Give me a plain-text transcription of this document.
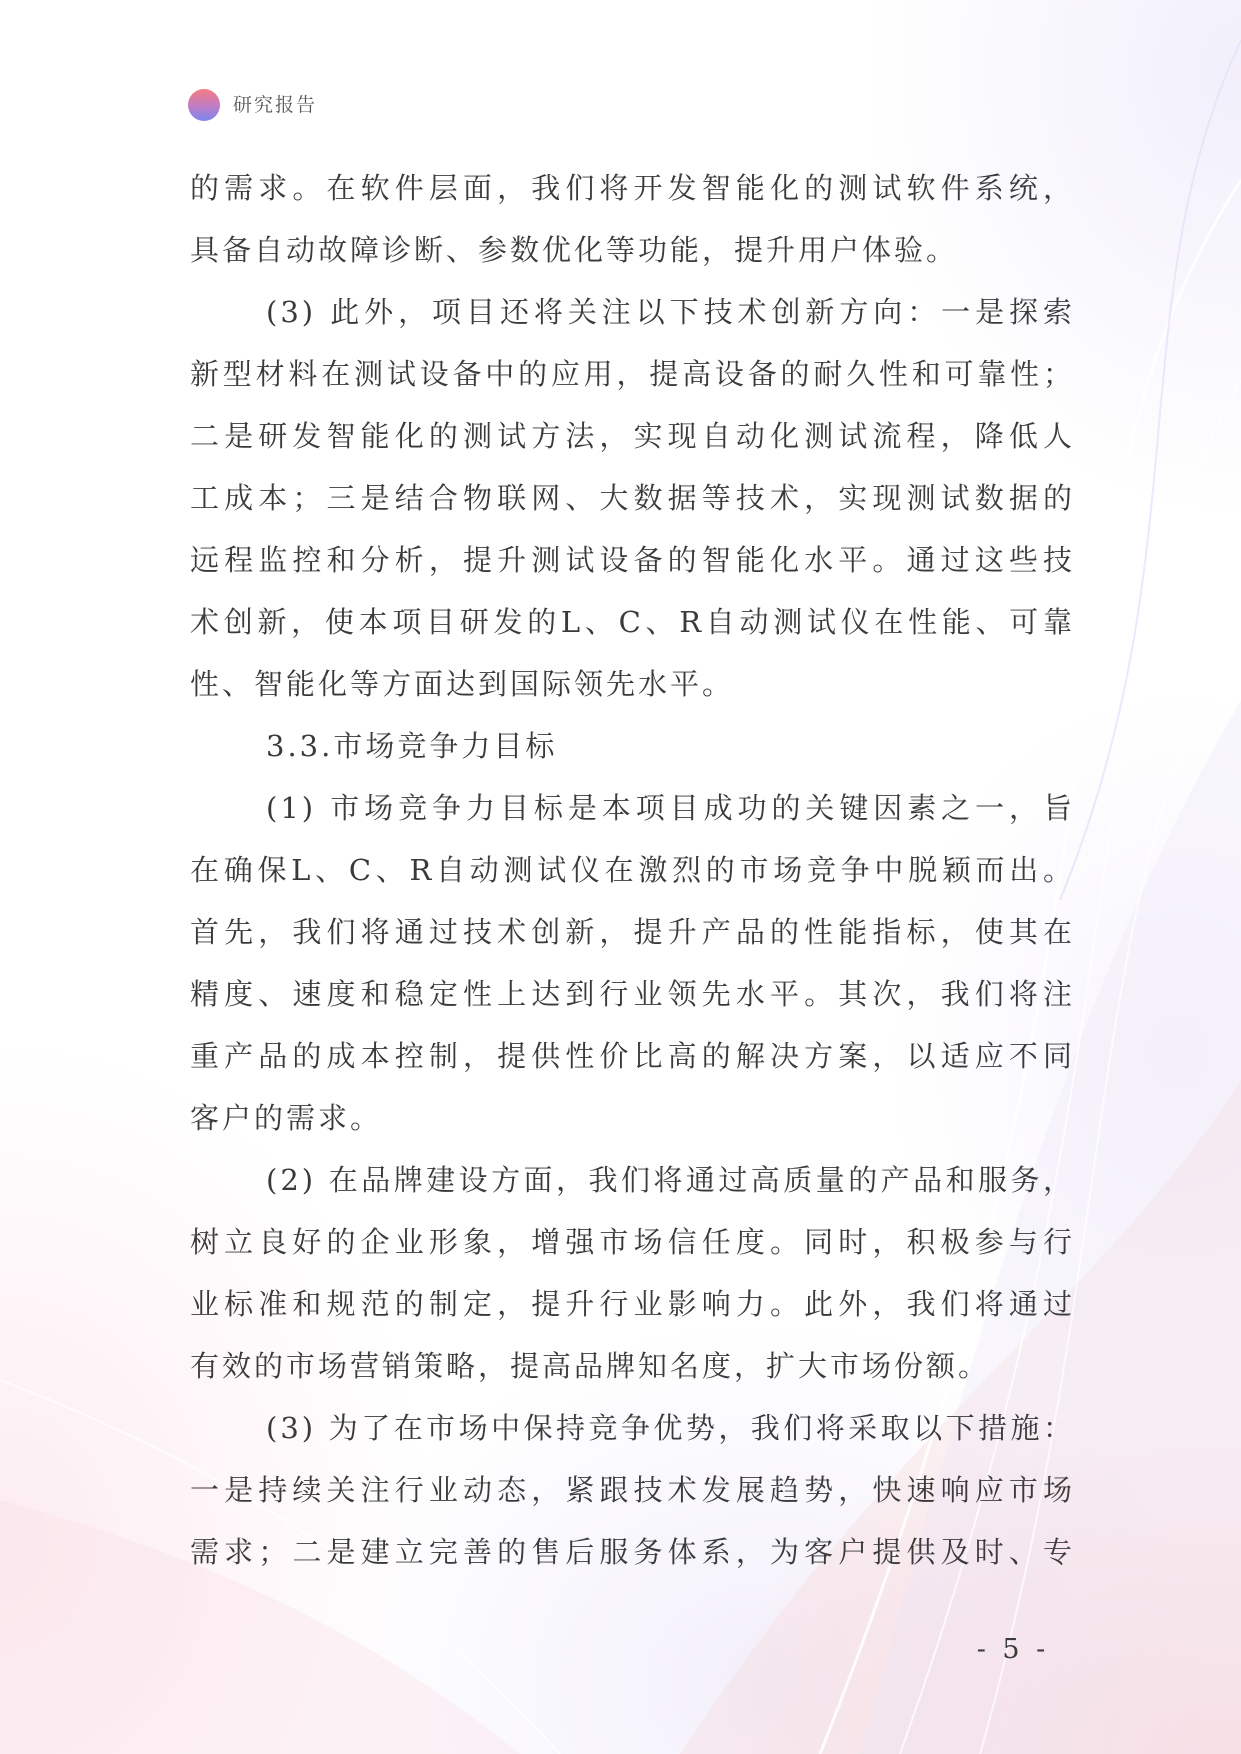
研究报告
的需求。在软件层面，我们将开发智能化的测试软件系统，
具备自动故障诊断、参数优化等功能，提升用户体验。
(3) 此外，项目还将关注以下技术创新方向：一是探索
新型材料在测试设备中的应用，提高设备的耐久性和可靠性；
二是研发智能化的测试方法，实现自动化测试流程，降低人
工成本；三是结合物联网、大数据等技术，实现测试数据的
远程监控和分析，提升测试设备的智能化水平。通过这些技
术创新，使本项目研发的L、C、R自动测试仪在性能、可靠
性、智能化等方面达到国际领先水平。
3.3.市场竞争力目标
(1) 市场竞争力目标是本项目成功的关键因素之一，旨
在确保L、C、R自动测试仪在激烈的市场竞争中脱颖而出。
首先，我们将通过技术创新，提升产品的性能指标，使其在
精度、速度和稳定性上达到行业领先水平。其次，我们将注
重产品的成本控制，提供性价比高的解决方案，以适应不同
客户的需求。
(2) 在品牌建设方面，我们将通过高质量的产品和服务，
树立良好的企业形象，增强市场信任度。同时，积极参与行
业标准和规范的制定，提升行业影响力。此外，我们将通过
有效的市场营销策略，提高品牌知名度，扩大市场份额。
(3) 为了在市场中保持竞争优势，我们将采取以下措施：
一是持续关注行业动态，紧跟技术发展趋势，快速响应市场
需求；二是建立完善的售后服务体系，为客户提供及时、专
- 5 -
